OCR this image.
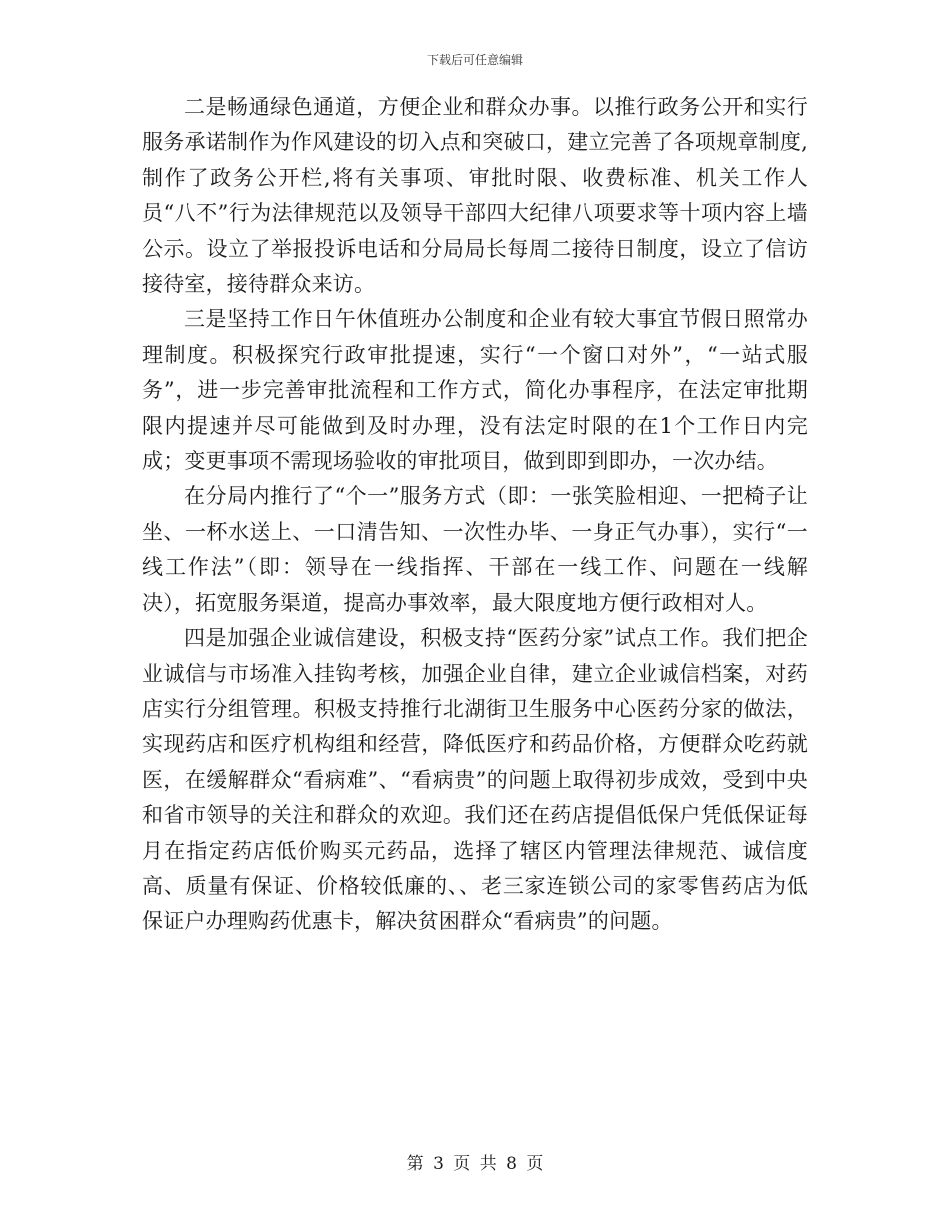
下载后可任意编辑

二是畅通绿色通道，方便企业和群众办事。以推行政务公开和实行服务承诺制作为作风建设的切入点和突破口，建立完善了各项规章制度,制作了政务公开栏,将有关事项、审批时限、收费标准、机关工作人员“八不”行为法律规范以及领导干部四大纪律八项要求等十项内容上墙公示。设立了举报投诉电话和分局局长每周二接待日制度，设立了信访接待室，接待群众来访。

三是坚持工作日午休值班办公制度和企业有较大事宜节假日照常办理制度。积极探究行政审批提速，实行“一个窗口对外”，“一站式服务”，进一步完善审批流程和工作方式，简化办事程序，在法定审批期限内提速并尽可能做到及时办理，没有法定时限的在1个工作日内完成；变更事项不需现场验收的审批项目，做到即到即办，一次办结。

在分局内推行了“个一”服务方式（即：一张笑脸相迎、一把椅子让坐、一杯水送上、一口清告知、一次性办毕、一身正气办事），实行“一线工作法”（即：领导在一线指挥、干部在一线工作、问题在一线解决），拓宽服务渠道，提高办事效率，最大限度地方便行政相对人。

四是加强企业诚信建设，积极支持“医药分家”试点工作。我们把企业诚信与市场准入挂钩考核，加强企业自律，建立企业诚信档案，对药店实行分组管理。积极支持推行北湖街卫生服务中心医药分家的做法，实现药店和医疗机构组和经营，降低医疗和药品价格，方便群众吃药就医，在缓解群众“看病难”、“看病贵”的问题上取得初步成效，受到中央和省市领导的关注和群众的欢迎。我们还在药店提倡低保户凭低保证每月在指定药店低价购买元药品，选择了辖区内管理法律规范、诚信度高、质量有保证、价格较低廉的、、老三家连锁公司的家零售药店为低保证户办理购药优惠卡，解决贫困群众“看病贵”的问题。

第 3 页 共 8 页
